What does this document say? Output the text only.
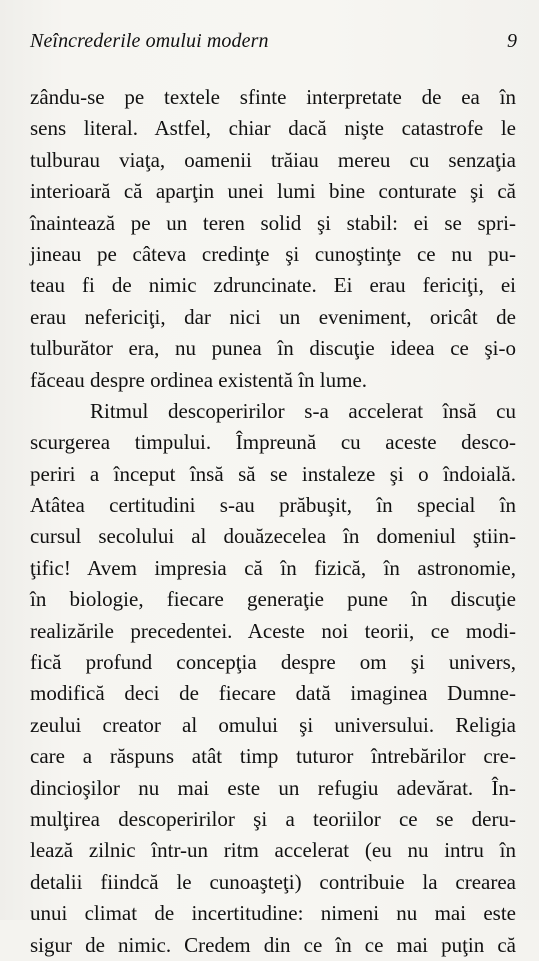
Neîncrederile omului modern	9
zându-se pe textele sfinte interpretate de ea în
sens literal. Astfel, chiar dacă nişte catastrofe le
tulburau viaţa, oamenii trăiau mereu cu senzaţia
interioară că aparţin unei lumi bine conturate şi că
înaintează pe un teren solid şi stabil: ei se spri-
jineau pe câteva credinţe şi cunoştinţe ce nu pu-
teau fi de nimic zdruncinate. Ei erau fericiţi, ei
erau nefericiţi, dar nici un eveniment, oricât de
tulburător era, nu punea în discuţie ideea ce şi-o
făceau despre ordinea existentă în lume.
Ritmul descoperirilor s-a accelerat însă cu
scurgerea timpului. Împreună cu aceste desco-
periri a început însă să se instaleze şi o îndoială.
Atâtea certitudini s-au prăbuşit, în special în
cursul secolului al douăzecelea în domeniul ştiin-
ţific! Avem impresia că în fizică, în astronomie,
în biologie, fiecare generaţie pune în discuţie
realizările precedentei. Aceste noi teorii, ce modi-
fică profund concepţia despre om şi univers,
modifică deci de fiecare dată imaginea Dumne-
zeului creator al omului şi universului. Religia
care a răspuns atât timp tuturor întrebărilor cre-
dincioşilor nu mai este un refugiu adevărat. În-
mulţirea descoperirilor şi a teoriilor ce se deru-
lează zilnic într-un ritm accelerat (eu nu intru în
detalii fiindcă le cunoaşteţi) contribuie la crearea
unui climat de incertitudine: nimeni nu mai este
sigur de nimic. Credem din ce în ce mai puţin că
